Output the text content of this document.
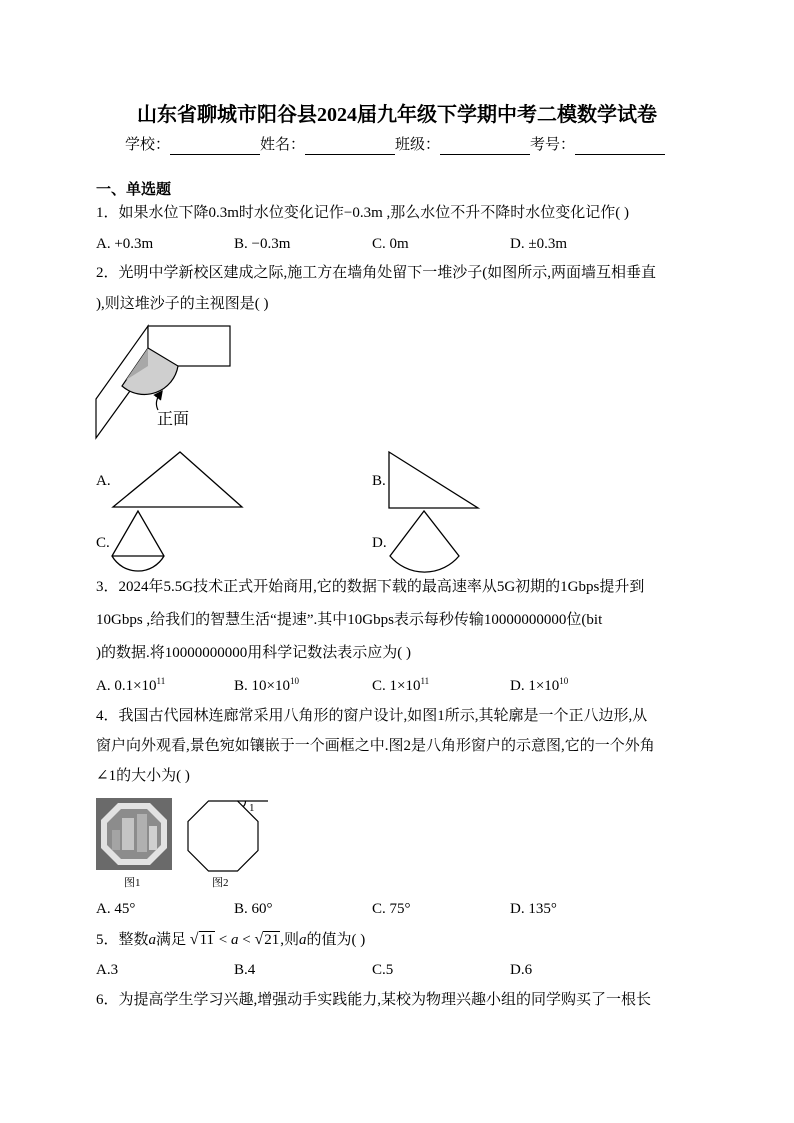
山东省聊城市阳谷县2024届九年级下学期中考二模数学试卷
学校：	姓名：	班级：	考号：
一、单选题
1．如果水位下降0.3m时水位变化记作−0.3m ,那么水位不升不降时水位变化记作( )
A. +0.3m	B. −0.3m	C. 0m	D. ±0.3m
2．光明中学新校区建成之际,施工方在墙角处留下一堆沙子(如图所示,两面墙互相垂直
),则这堆沙子的主视图是( )
A.	B.
C.	D.
3．2024年5.5G技术正式开始商用,它的数据下载的最高速率从5G初期的1Gbps提升到
10Gbps ,给我们的智慧生活“提速”.其中10Gbps表示每秒传输10000000000位(bit
)的数据.将10000000000用科学记数法表示应为( )
A. $0.1\times 10^{11}$	B. $10\times 10^{10}$	C. $1\times 10^{11}$	D. $1\times 10^{10}$
4．我国古代园林连廊常采用八角形的窗户设计,如图1所示,其轮廓是一个正八边形,从
窗户向外观看,景色宛如镶嵌于一个画框之中.图2是八角形窗户的示意图,它的一个外角
∠1的大小为( )
A. 45°	B. 60°	C. 75°	D. 135°
5．整数a满足 √11 < a < √21,则a的值为( )
A.3	B.4	C.5	D.6
6．为提高学生学习兴趣,增强动手实践能力,某校为物理兴趣小组的同学购买了一根长
正面
1
图1	图2
